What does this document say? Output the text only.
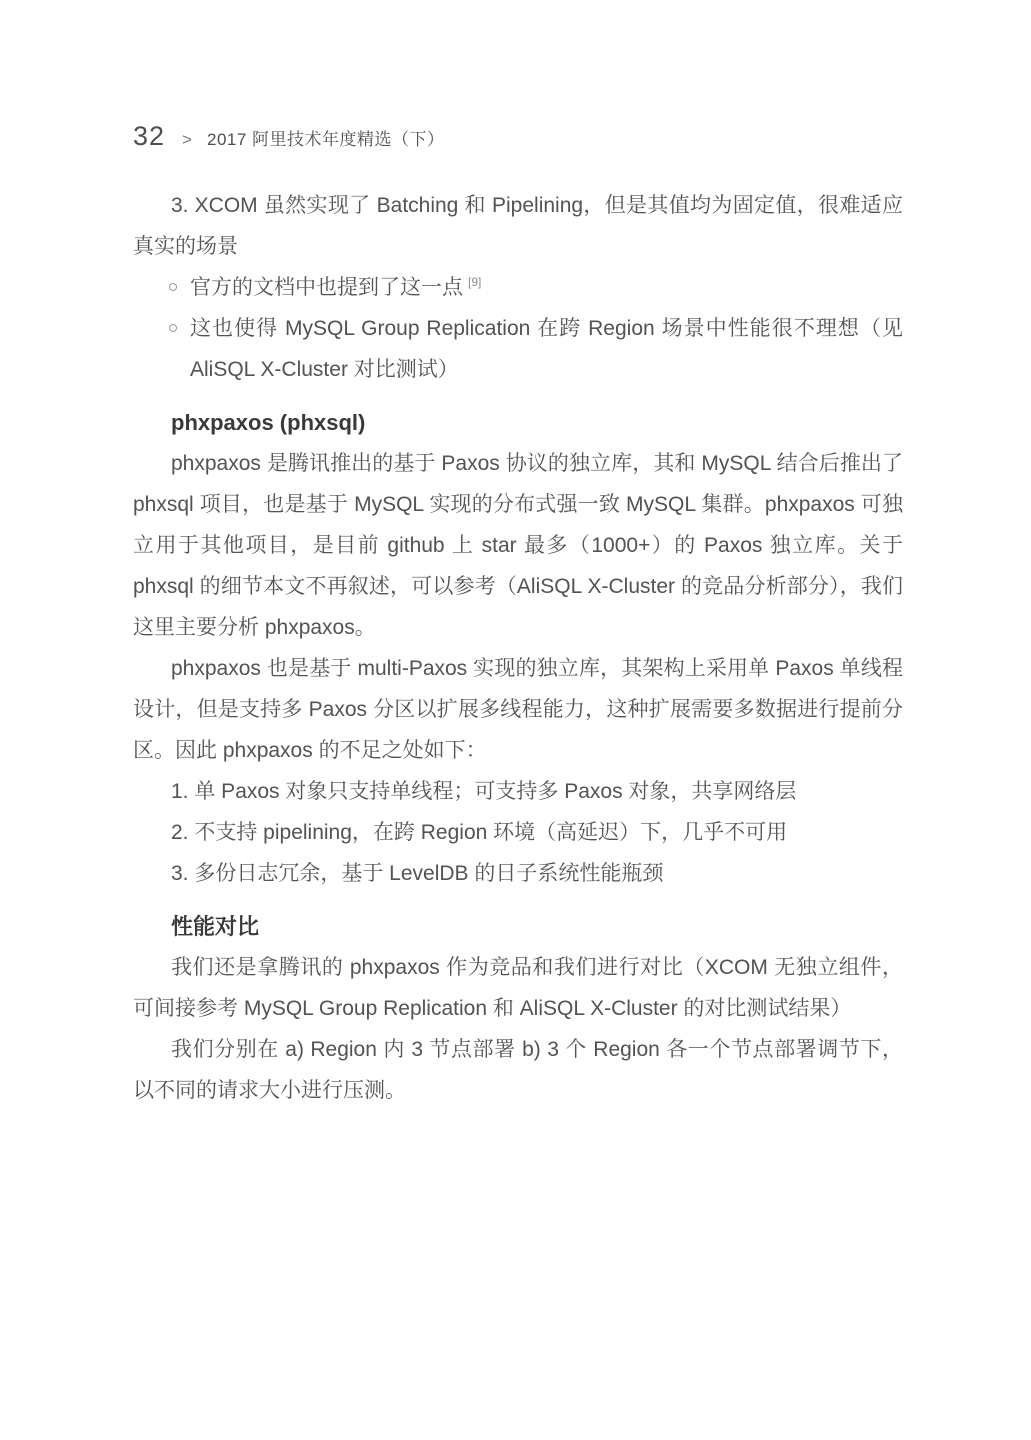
32 > 2017 阿里技术年度精选（下）

3. XCOM 虽然实现了 Batching 和 Pipelining，但是其值均为固定值，很难适应真实的场景

官方的文档中也提到了这一点 [9]
这也使得 MySQL Group Replication 在跨 Region 场景中性能很不理想（见 AliSQL X-Cluster 对比测试）
phxpaxos (phxsql)

phxpaxos 是腾讯推出的基于 Paxos 协议的独立库，其和 MySQL 结合后推出了 phxsql 项目，也是基于 MySQL 实现的分布式强一致 MySQL 集群。phxpaxos 可独立用于其他项目，是目前 github 上 star 最多（1000+）的 Paxos 独立库。关于 phxsql 的细节本文不再叙述，可以参考（AliSQL X-Cluster 的竞品分析部分），我们这里主要分析 phxpaxos。

phxpaxos 也是基于 multi-Paxos 实现的独立库，其架构上采用单 Paxos 单线程设计，但是支持多 Paxos 分区以扩展多线程能力，这种扩展需要多数据进行提前分区。因此 phxpaxos 的不足之处如下：

1. 单 Paxos 对象只支持单线程；可支持多 Paxos 对象，共享网络层

2. 不支持 pipelining，在跨 Region 环境（高延迟）下，几乎不可用

3. 多份日志冗余，基于 LevelDB 的日子系统性能瓶颈

性能对比

我们还是拿腾讯的 phxpaxos 作为竞品和我们进行对比（XCOM 无独立组件，可间接参考 MySQL Group Replication 和 AliSQL X-Cluster 的对比测试结果）

我们分别在 a) Region 内 3 节点部署 b) 3 个 Region 各一个节点部署调节下，以不同的请求大小进行压测。
